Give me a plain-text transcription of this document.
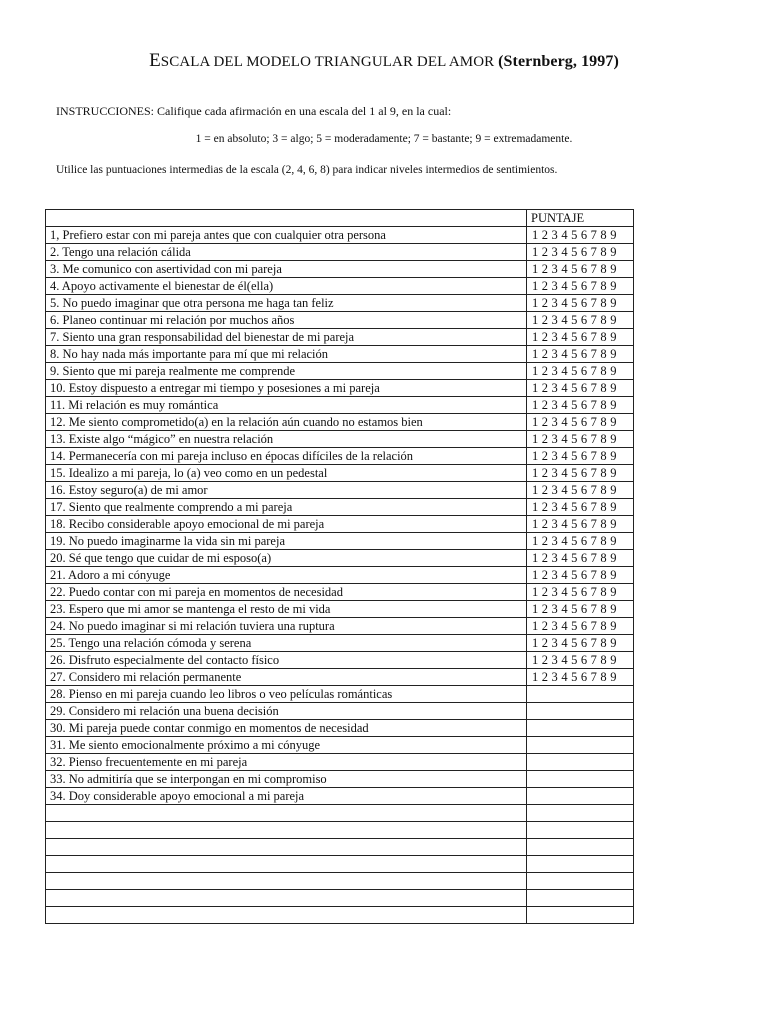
ESCALA DEL MODELO TRIANGULAR DEL AMOR (Sternberg, 1997)
INSTRUCCIONES: Califique cada afirmación en una escala del 1 al 9, en la cual:
1 = en absoluto; 3 = algo; 5 = moderadamente; 7 = bastante; 9 = extremadamente.
Utilice las puntuaciones intermedias de la escala (2, 4, 6, 8) para indicar niveles intermedios de sentimientos.
	PUNTAJE
1, Prefiero estar con mi pareja antes que con cualquier otra persona	1 2 3 4 5 6 7 8 9
2. Tengo una relación cálida	1 2 3 4 5 6 7 8 9
3. Me comunico con asertividad con mi pareja	1 2 3 4 5 6 7 8 9
4. Apoyo activamente el bienestar de él(ella)	1 2 3 4 5 6 7 8 9
5. No puedo imaginar que otra persona me haga tan feliz	1 2 3 4 5 6 7 8 9
6. Planeo continuar mi relación por muchos años	1 2 3 4 5 6 7 8 9
7. Siento una gran responsabilidad del bienestar de mi pareja	1 2 3 4 5 6 7 8 9
8. No hay nada más importante para mí que mi relación	1 2 3 4 5 6 7 8 9
9. Siento que mi pareja realmente me comprende	1 2 3 4 5 6 7 8 9
10. Estoy dispuesto a entregar mi tiempo y posesiones a mi pareja	1 2 3 4 5 6 7 8 9
11. Mi relación es muy romántica	1 2 3 4 5 6 7 8 9
12. Me siento comprometido(a) en la relación aún cuando no estamos bien	1 2 3 4 5 6 7 8 9
13. Existe algo “mágico” en nuestra relación	1 2 3 4 5 6 7 8 9
14. Permanecería con mi pareja incluso en épocas difíciles de la relación	1 2 3 4 5 6 7 8 9
15. Idealizo a mi pareja, lo (a) veo como en un pedestal	1 2 3 4 5 6 7 8 9
16. Estoy seguro(a) de mi amor	1 2 3 4 5 6 7 8 9
17. Siento que realmente comprendo a mi pareja	1 2 3 4 5 6 7 8 9
18. Recibo considerable apoyo emocional de mi pareja	1 2 3 4 5 6 7 8 9
19. No puedo imaginarme la vida sin mi pareja	1 2 3 4 5 6 7 8 9
20. Sé que tengo que cuidar de mi esposo(a)	1 2 3 4 5 6 7 8 9
21. Adoro a mi cónyuge	1 2 3 4 5 6 7 8 9
22. Puedo contar con mi pareja en momentos de necesidad	1 2 3 4 5 6 7 8 9
23. Espero que mi amor se mantenga el resto de mi vida	1 2 3 4 5 6 7 8 9
24. No puedo imaginar si mi relación tuviera una ruptura	1 2 3 4 5 6 7 8 9
25. Tengo una relación cómoda y serena	1 2 3 4 5 6 7 8 9
26. Disfruto especialmente del contacto físico	1 2 3 4 5 6 7 8 9
27. Considero mi relación permanente	1 2 3 4 5 6 7 8 9
28. Pienso en mi pareja cuando leo libros o veo películas románticas	
29. Considero mi relación una buena decisión	
30. Mi pareja puede contar conmigo en momentos de necesidad	
31. Me siento emocionalmente próximo a mi cónyuge	
32. Pienso frecuentemente en mi pareja	
33. No admitiría que se interpongan en mi compromiso	
34. Doy considerable apoyo emocional a mi pareja	
